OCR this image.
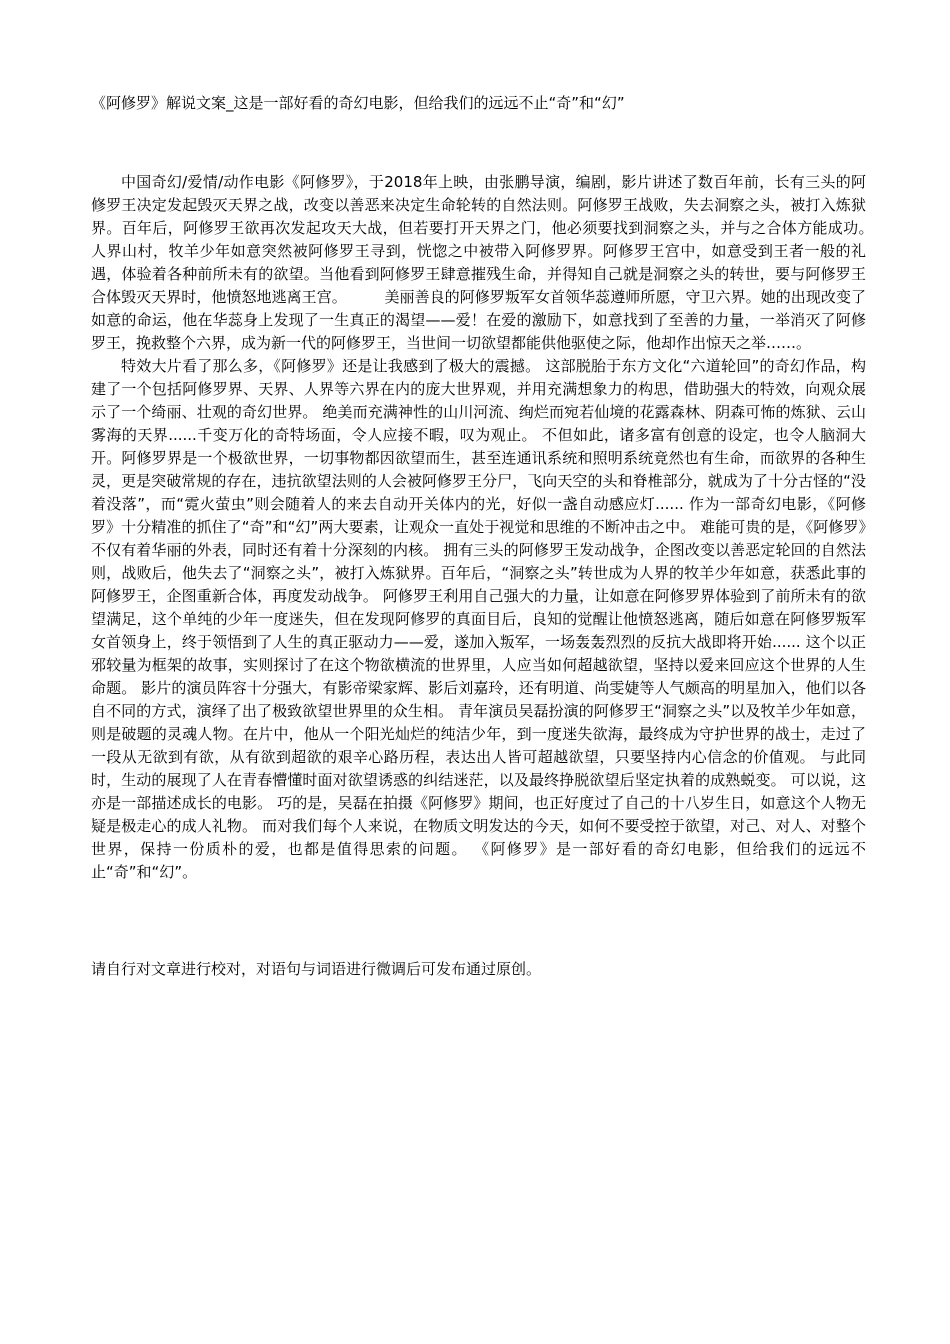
《阿修罗》解说文案_这是一部好看的奇幻电影，但给我们的远远不止“奇”和“幻”

中国奇幻/爱情/动作电影《阿修罗》，于2018年上映，由张鹏导演，编剧，影片讲述了数百年前，长有三头的阿修罗王决定发起毁灭天界之战，改变以善恶来决定生命轮转的自然法则。阿修罗王战败，失去洞察之头，被打入炼狱界。百年后，阿修罗王欲再次发起攻天大战，但若要打开天界之门，他必须要找到洞察之头，并与之合体方能成功。　　　人界山村，牧羊少年如意突然被阿修罗王寻到，恍惚之中被带入阿修罗界。阿修罗王宫中，如意受到王者一般的礼遇，体验着各种前所未有的欲望。当他看到阿修罗王肆意摧残生命，并得知自己就是洞察之头的转世，要与阿修罗王合体毁灭天界时，他愤怒地逃离王宫。　　　美丽善良的阿修罗叛军女首领华蕊遵师所愿，守卫六界。她的出现改变了如意的命运，他在华蕊身上发现了一生真正的渴望——爱！在爱的激励下，如意找到了至善的力量，一举消灭了阿修罗王，挽救整个六界，成为新一代的阿修罗王，当世间一切欲望都能供他驱使之际，他却作出惊天之举……。

特效大片看了那么多，《阿修罗》还是让我感到了极大的震撼。 这部脱胎于东方文化“六道轮回”的奇幻作品，构建了一个包括阿修罗界、天界、人界等六界在内的庞大世界观，并用充满想象力的构思，借助强大的特效，向观众展示了一个绮丽、壮观的奇幻世界。 绝美而充满神性的山川河流、绚烂而宛若仙境的花露森林、阴森可怖的炼狱、云山雾海的天界......千变万化的奇特场面，令人应接不暇，叹为观止。 不但如此，诸多富有创意的设定，也令人脑洞大开。阿修罗界是一个极欲世界，一切事物都因欲望而生，甚至连通讯系统和照明系统竟然也有生命，而欲界的各种生灵，更是突破常规的存在，违抗欲望法则的人会被阿修罗王分尸，飞向天空的头和脊椎部分，就成为了十分古怪的“没着没落”，而“霓火萤虫”则会随着人的来去自动开关体内的光，好似一盏自动感应灯...... 作为一部奇幻电影，《阿修罗》十分精准的抓住了“奇”和“幻”两大要素，让观众一直处于视觉和思维的不断冲击之中。 难能可贵的是，《阿修罗》不仅有着华丽的外表，同时还有着十分深刻的内核。 拥有三头的阿修罗王发动战争，企图改变以善恶定轮回的自然法则，战败后，他失去了“洞察之头”，被打入炼狱界。百年后，“洞察之头”转世成为人界的牧羊少年如意，获悉此事的阿修罗王，企图重新合体，再度发动战争。 阿修罗王利用自己强大的力量，让如意在阿修罗界体验到了前所未有的欲望满足，这个单纯的少年一度迷失，但在发现阿修罗的真面目后，良知的觉醒让他愤怒逃离，随后如意在阿修罗叛军女首领身上，终于领悟到了人生的真正驱动力——爱，遂加入叛军，一场轰轰烈烈的反抗大战即将开始...... 这个以正邪较量为框架的故事，实则探讨了在这个物欲横流的世界里，人应当如何超越欲望，坚持以爱来回应这个世界的人生命题。 影片的演员阵容十分强大，有影帝梁家辉、影后刘嘉玲，还有明道、尚雯婕等人气颇高的明星加入，他们以各自不同的方式，演绎了出了极致欲望世界里的众生相。 青年演员吴磊扮演的阿修罗王“洞察之头”以及牧羊少年如意，则是破题的灵魂人物。在片中，他从一个阳光灿烂的纯洁少年，到一度迷失欲海，最终成为守护世界的战士，走过了一段从无欲到有欲，从有欲到超欲的艰辛心路历程，表达出人皆可超越欲望，只要坚持内心信念的价值观。 与此同时，生动的展现了人在青春懵懂时面对欲望诱惑的纠结迷茫，以及最终挣脱欲望后坚定执着的成熟蜕变。 可以说，这亦是一部描述成长的电影。 巧的是，吴磊在拍摄《阿修罗》期间，也正好度过了自己的十八岁生日，如意这个人物无疑是极走心的成人礼物。 而对我们每个人来说，在物质文明发达的今天，如何不要受控于欲望，对己、对人、对整个世界，保持一份质朴的爱，也都是值得思索的问题。 《阿修罗》是一部好看的奇幻电影，但给我们的远远不止“奇”和“幻”。

请自行对文章进行校对，对语句与词语进行微调后可发布通过原创。
